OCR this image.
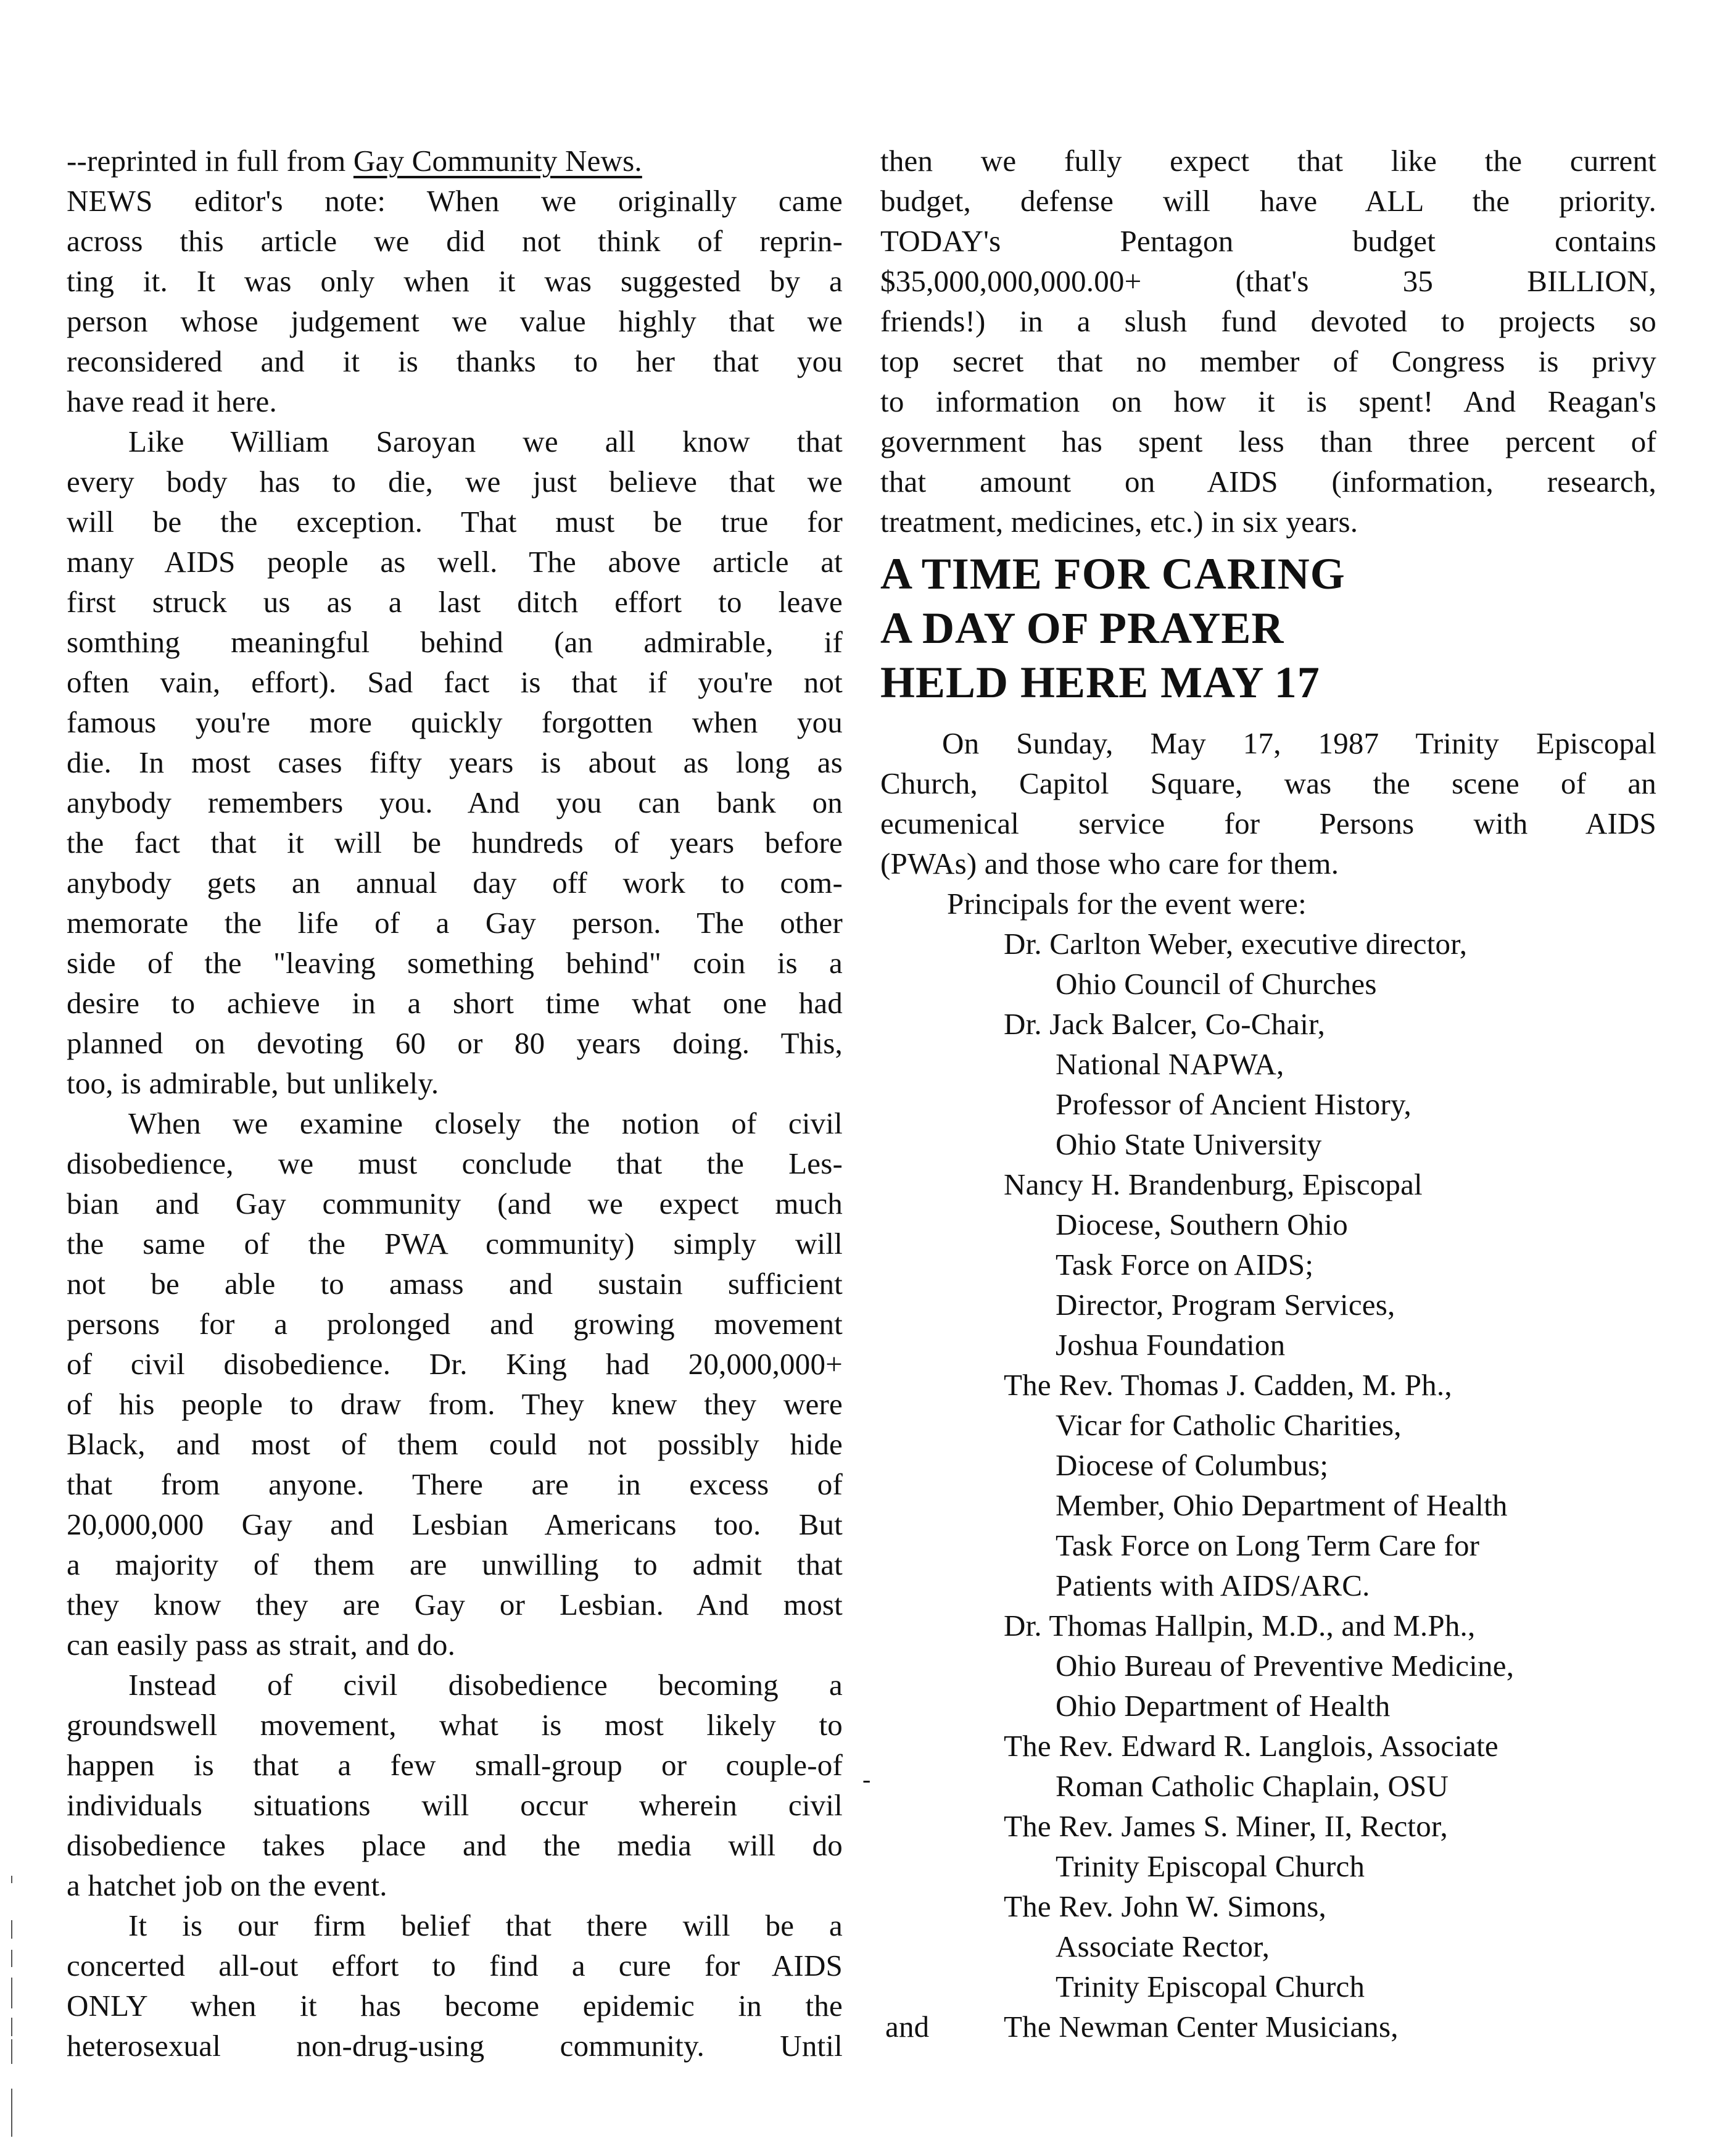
-
--reprinted in full from Gay Community News.
NEWS editor's note: When we originally came
across this article we did not think of reprin-
ting it. It was only when it was suggested by a
person whose judgement we value highly that we
reconsidered and it is thanks to her that you
have read it here.
Like William Saroyan we all know that
every body has to die, we just believe that we
will be the exception. That must be true for
many AIDS people as well. The above article at
first struck us as a last ditch effort to leave
somthing meaningful behind (an admirable, if
often vain, effort). Sad fact is that if you're not
famous you're more quickly forgotten when you
die. In most cases fifty years is about as long as
anybody remembers you. And you can bank on
the fact that it will be hundreds of years before
anybody gets an annual day off work to com-
memorate the life of a Gay person. The other
side of the "leaving something behind" coin is a
desire to achieve in a short time what one had
planned on devoting 60 or 80 years doing. This,
too, is admirable, but unlikely.
When we examine closely the notion of civil
disobedience, we must conclude that the Les-
bian and Gay community (and we expect much
the same of the PWA community) simply will
not be able to amass and sustain sufficient
persons for a prolonged and growing movement
of civil disobedience. Dr. King had 20,000,000+
of his people to draw from. They knew they were
Black, and most of them could not possibly hide
that from anyone. There are in excess of
20,000,000 Gay and Lesbian Americans too. But
a majority of them are unwilling to admit that
they know they are Gay or Lesbian. And most
can easily pass as strait, and do.
Instead of civil disobedience becoming a
groundswell movement, what is most likely to
happen is that a few small-group or couple-of
individuals situations will occur wherein civil
disobedience takes place and the media will do
a hatchet job on the event.
It is our firm belief that there will be a
concerted all-out effort to find a cure for AIDS
ONLY when it has become epidemic in the
heterosexual non-drug-using community. Until
then we fully expect that like the current
budget, defense will have ALL the priority.
TODAY's Pentagon budget contains
$35,000,000,000.00+ (that's 35 BILLION,
friends!) in a slush fund devoted to projects so
top secret that no member of Congress is privy
to information on how it is spent! And Reagan's
government has spent less than three percent of
that amount on AIDS (information, research,
treatment, medicines, etc.) in six years.
A TIME FOR CARING
A DAY OF PRAYER
HELD HERE MAY 17
On Sunday, May 17, 1987 Trinity Episcopal
Church, Capitol Square, was the scene of an
ecumenical service for Persons with AIDS
(PWAs) and those who care for them.
Principals for the event were:
Dr. Carlton Weber, executive director,
Ohio Council of Churches
Dr. Jack Balcer, Co-Chair,
National NAPWA,
Professor of Ancient History,
Ohio State University
Nancy H. Brandenburg, Episcopal
Diocese, Southern Ohio
Task Force on AIDS;
Director, Program Services,
Joshua Foundation
The Rev. Thomas J. Cadden, M. Ph.,
Vicar for Catholic Charities,
Diocese of Columbus;
Member, Ohio Department of Health
Task Force on Long Term Care for
Patients with AIDS/ARC.
Dr. Thomas Hallpin, M.D., and M.Ph.,
Ohio Bureau of Preventive Medicine,
Ohio Department of Health
The Rev. Edward R. Langlois, Associate
Roman Catholic Chaplain, OSU
The Rev. James S. Miner, II, Rector,
Trinity Episcopal Church
The Rev. John W. Simons,
Associate Rector,
Trinity Episcopal Church
and The Newman Center Musicians,
